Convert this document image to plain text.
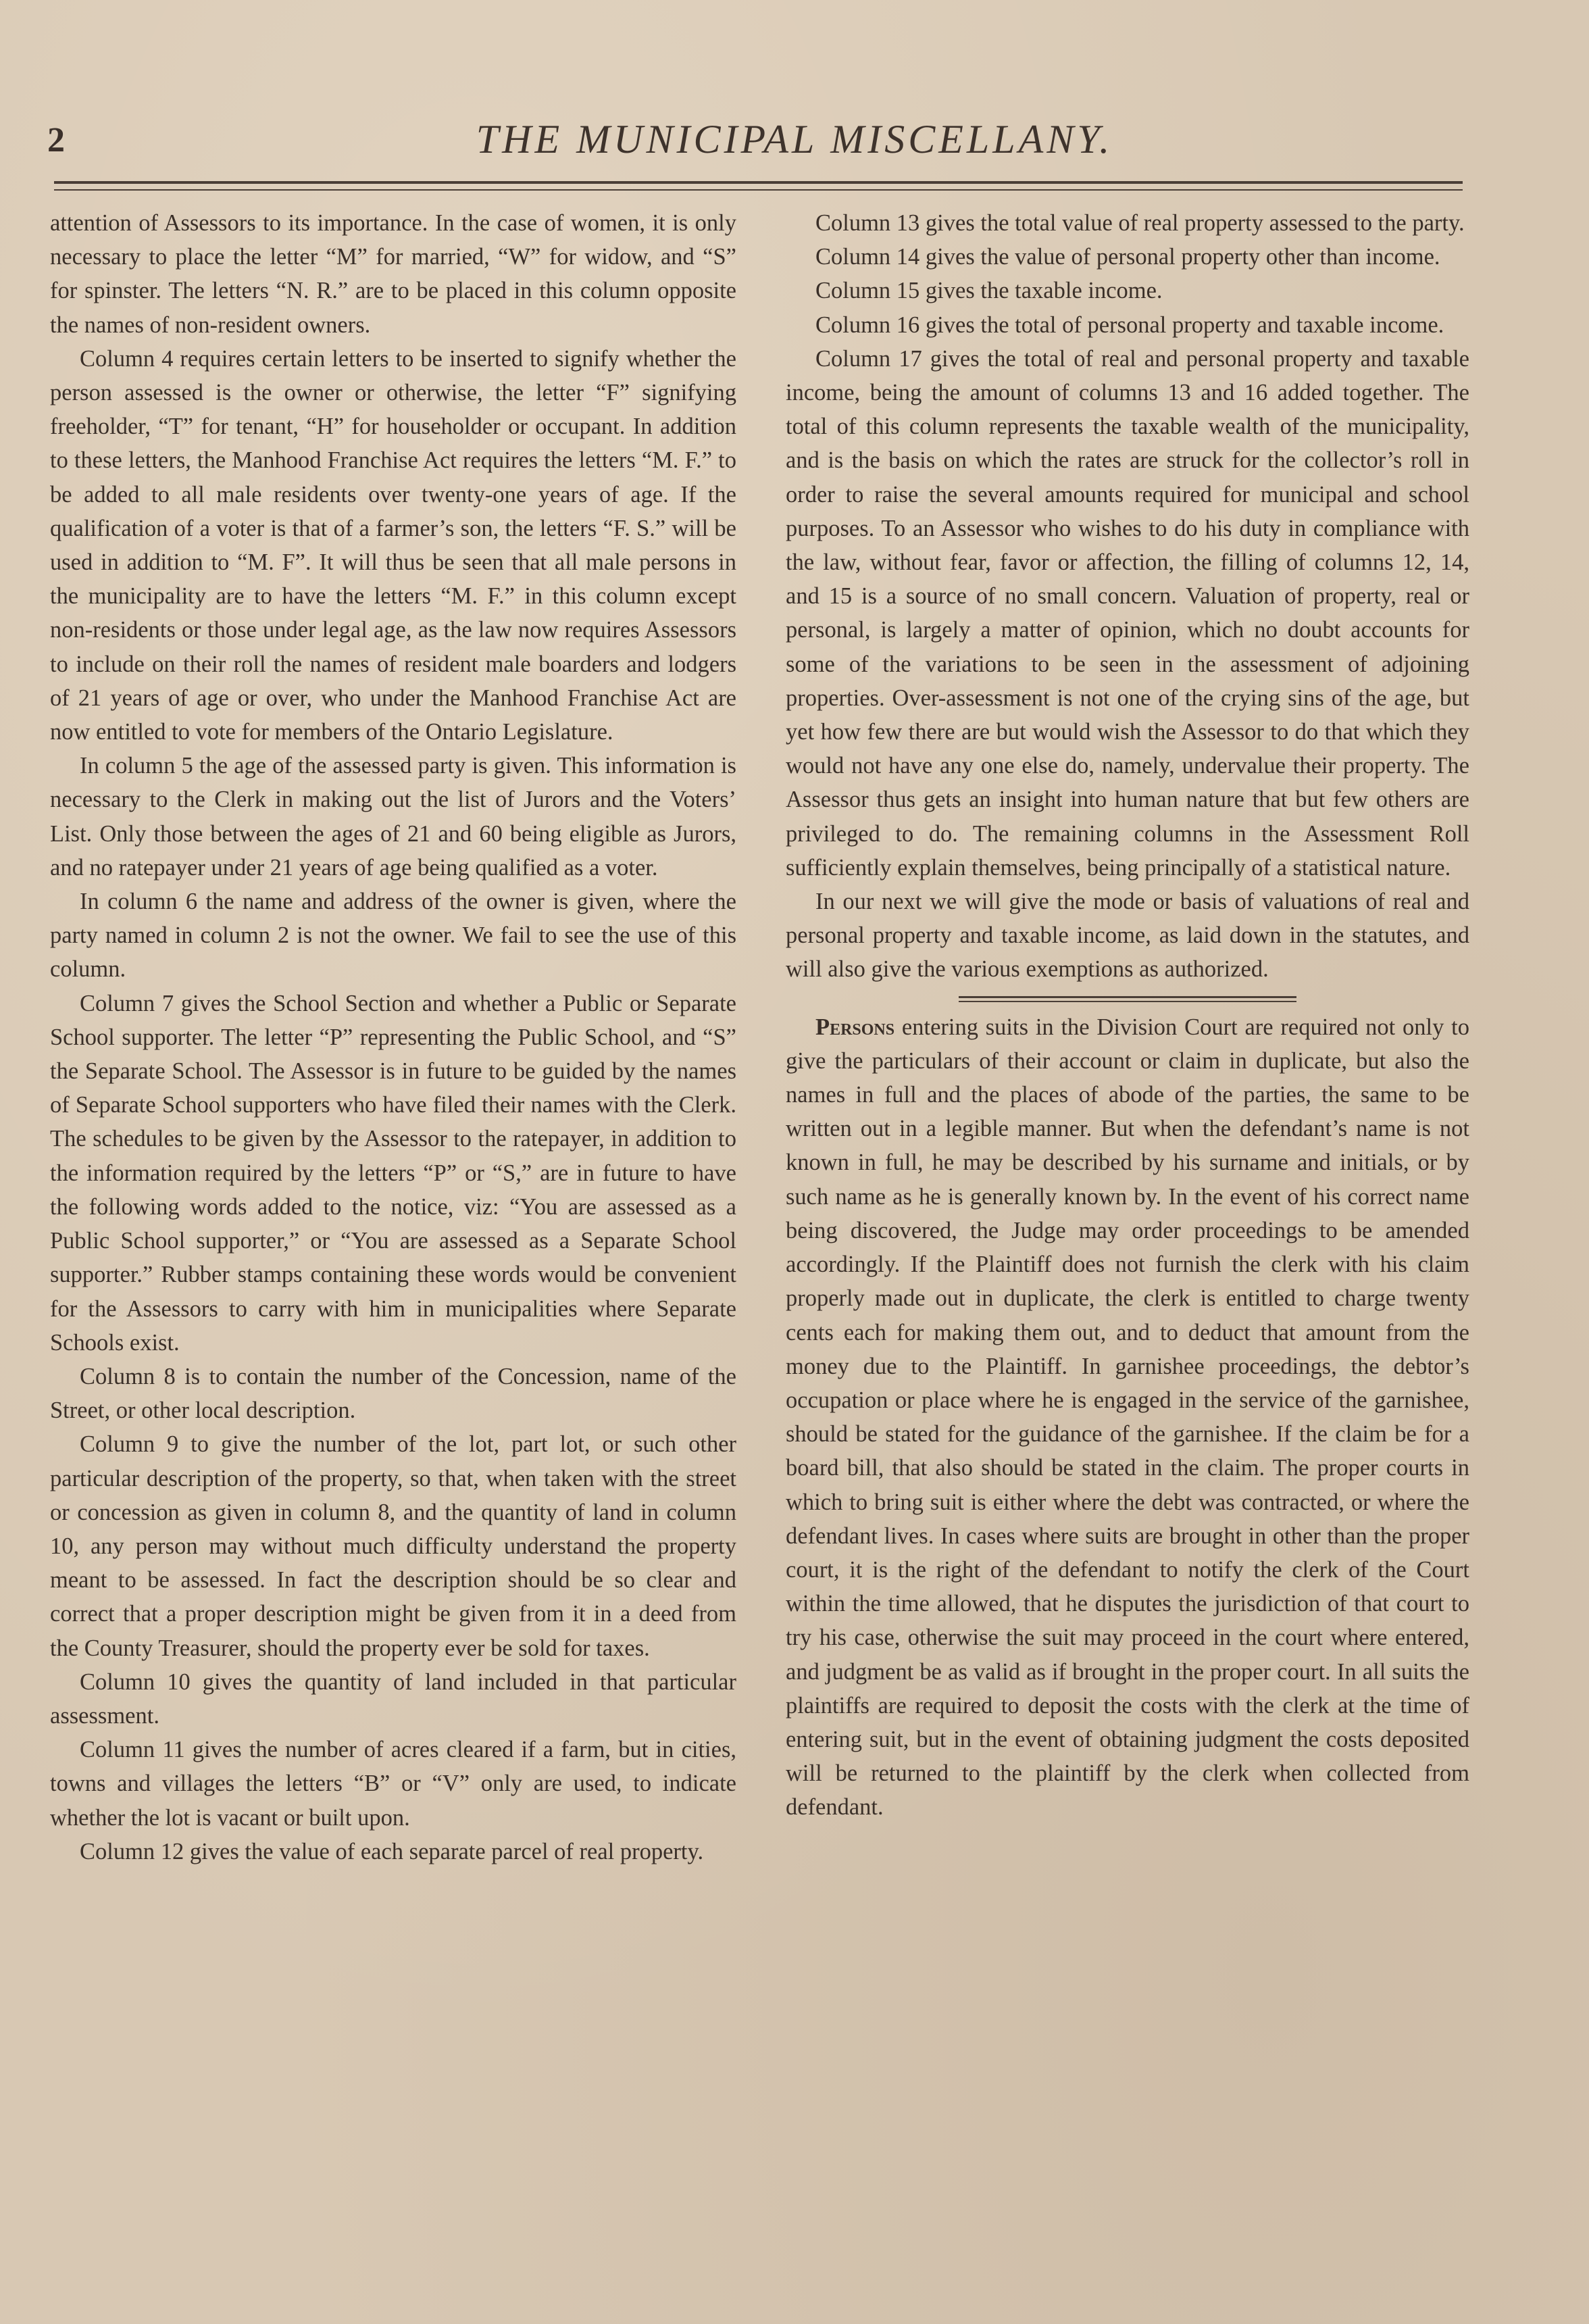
2	THE MUNICIPAL MISCELLANY.

attention of Assessors to its importance. In the case of women, it is only necessary to place the letter “M” for married, “W” for widow, and “S” for spinster. The letters “N. R.” are to be placed in this column opposite the names of non-resident owners.

Column 4 requires certain letters to be inserted to signify whether the person assessed is the owner or otherwise, the letter “F” signifying freeholder, “T” for tenant, “H” for householder or occupant. In addition to these letters, the Manhood Franchise Act requires the letters “M. F.” to be added to all male residents over twenty-one years of age. If the qualification of a voter is that of a farmer’s son, the letters “F. S.” will be used in addition to “M. F”. It will thus be seen that all male persons in the municipality are to have the letters “M. F.” in this column except non-residents or those under legal age, as the law now requires Assessors to include on their roll the names of resident male boarders and lodgers of 21 years of age or over, who under the Manhood Franchise Act are now entitled to vote for members of the Ontario Legislature.

In column 5 the age of the assessed party is given. This information is necessary to the Clerk in making out the list of Jurors and the Voters’ List. Only those between the ages of 21 and 60 being eligible as Jurors, and no ratepayer under 21 years of age being qualified as a voter.

In column 6 the name and address of the owner is given, where the party named in column 2 is not the owner. We fail to see the use of this column.

Column 7 gives the School Section and whether a Public or Separate School supporter. The letter “P” representing the Public School, and “S” the Separate School. The Assessor is in future to be guided by the names of Separate School supporters who have filed their names with the Clerk. The schedules to be given by the Assessor to the ratepayer, in addition to the information required by the letters “P” or “S,” are in future to have the following words added to the notice, viz: “You are assessed as a Public School supporter,” or “You are assessed as a Separate School supporter.” Rubber stamps containing these words would be convenient for the Assessors to carry with him in municipalities where Separate Schools exist.

Column 8 is to contain the number of the Concession, name of the Street, or other local description.

Column 9 to give the number of the lot, part lot, or such other particular description of the property, so that, when taken with the street or concession as given in column 8, and the quantity of land in column 10, any person may without much difficulty understand the property meant to be assessed. In fact the description should be so clear and correct that a proper description might be given from it in a deed from the County Treasurer, should the property ever be sold for taxes.

Column 10 gives the quantity of land included in that particular assessment.

Column 11 gives the number of acres cleared if a farm, but in cities, towns and villages the letters “B” or “V” only are used, to indicate whether the lot is vacant or built upon.

Column 12 gives the value of each separate parcel of real property.

Column 13 gives the total value of real property assessed to the party.

Column 14 gives the value of personal property other than income.

Column 15 gives the taxable income.

Column 16 gives the total of personal property and taxable income.

Column 17 gives the total of real and personal property and taxable income, being the amount of columns 13 and 16 added together. The total of this column represents the taxable wealth of the municipality, and is the basis on which the rates are struck for the collector’s roll in order to raise the several amounts required for municipal and school purposes. To an Assessor who wishes to do his duty in compliance with the law, without fear, favor or affection, the filling of columns 12, 14, and 15 is a source of no small concern. Valuation of property, real or personal, is largely a matter of opinion, which no doubt accounts for some of the variations to be seen in the assessment of adjoining properties. Over-assessment is not one of the crying sins of the age, but yet how few there are but would wish the Assessor to do that which they would not have any one else do, namely, undervalue their property. The Assessor thus gets an insight into human nature that but few others are privileged to do. The remaining columns in the Assessment Roll sufficiently explain themselves, being principally of a statistical nature.

In our next we will give the mode or basis of valuations of real and personal property and taxable income, as laid down in the statutes, and will also give the various exemptions as authorized.

Persons entering suits in the Division Court are required not only to give the particulars of their account or claim in duplicate, but also the names in full and the places of abode of the parties, the same to be written out in a legible manner. But when the defendant’s name is not known in full, he may be described by his surname and initials, or by such name as he is generally known by. In the event of his correct name being discovered, the Judge may order proceedings to be amended accordingly. If the Plaintiff does not furnish the clerk with his claim properly made out in duplicate, the clerk is entitled to charge twenty cents each for making them out, and to deduct that amount from the money due to the Plaintiff. In garnishee proceedings, the debtor’s occupation or place where he is engaged in the service of the garnishee, should be stated for the guidance of the garnishee. If the claim be for a board bill, that also should be stated in the claim. The proper courts in which to bring suit is either where the debt was contracted, or where the defendant lives. In cases where suits are brought in other than the proper court, it is the right of the defendant to notify the clerk of the Court within the time allowed, that he disputes the jurisdiction of that court to try his case, otherwise the suit may proceed in the court where entered, and judgment be as valid as if brought in the proper court. In all suits the plaintiffs are required to deposit the costs with the clerk at the time of entering suit, but in the event of obtaining judgment the costs deposited will be returned to the plaintiff by the clerk when collected from defendant.
